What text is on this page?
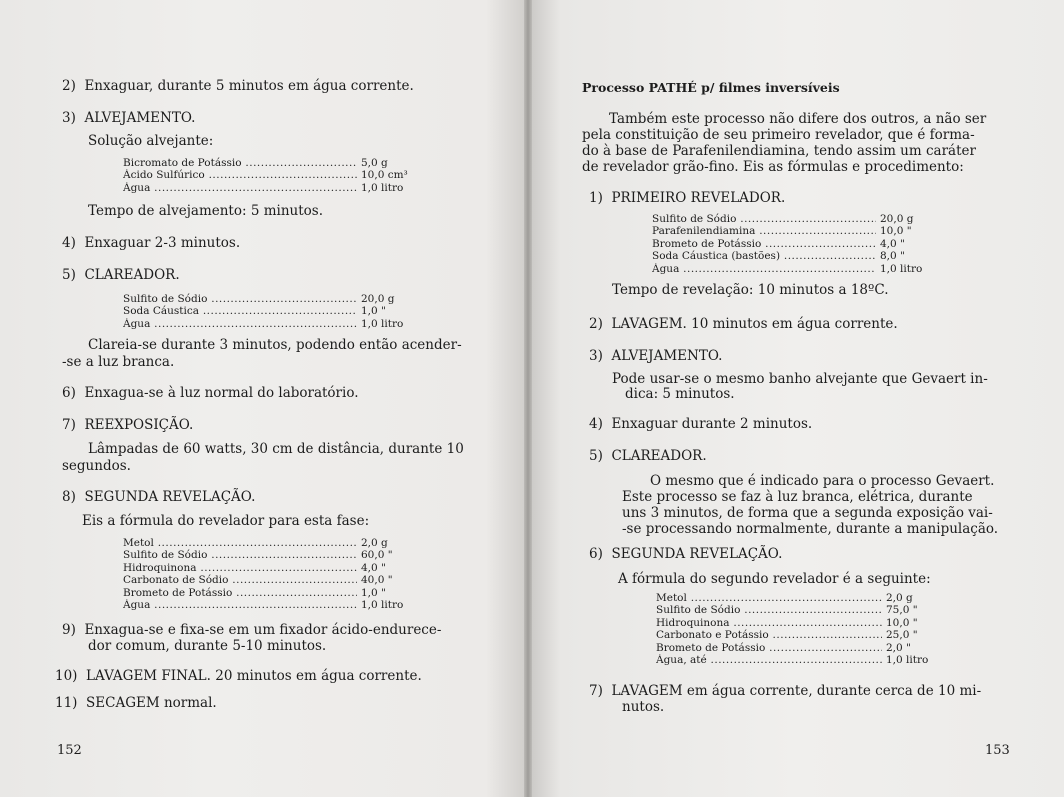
2) Enxaguar, durante 5 minutos em água corrente.
3) ALVEJAMENTO.
Solução alvejante:
Bicromato de Potássio .....	5,0 g
Ácido Sulfúrico .....	10,0 cm³
Água .....	1,0 litro
Tempo de alvejamento: 5 minutos.
4) Enxaguar 2-3 minutos.
5) CLAREADOR.
Sulfito de Sódio .....	20,0 g
Soda Cáustica .....	1,0 "
Água .....	1,0 litro
Clareia-se durante 3 minutos, podendo então acender-
-se a luz branca.
6) Enxagua-se à luz normal do laboratório.
7) REEXPOSIÇÃO.
Lâmpadas de 60 watts, 30 cm de distância, durante 10
segundos.
8) SEGUNDA REVELAÇÃO.
Eis a fórmula do revelador para esta fase:
Metol .....	2,0 g
Sulfito de Sódio .....	60,0 "
Hidroquinona .....	4,0 "
Carbonato de Sódio .....	40,0 "
Brometo de Potássio .....	1,0 "
Água .....	1,0 litro
9) Enxagua-se e fixa-se em um fixador ácido-endurece-
dor comum, durante 5-10 minutos.
10) LAVAGEM FINAL. 20 minutos em água corrente.
11) SECAGEM normal.
152
Processo PATHÉ p/ filmes inversíveis
Também este processo não difere dos outros, a não ser
pela constituição de seu primeiro revelador, que é forma-
do à base de Parafenilendiamina, tendo assim um caráter
de revelador grão-fino. Eis as fórmulas e procedimento:
1) PRIMEIRO REVELADOR.
Sulfito de Sódio .....	20,0 g
Parafenilendiamina .....	10,0 "
Brometo de Potássio .....	4,0 "
Soda Cáustica (bastões) .....	8,0 "
Água .....	1,0 litro
Tempo de revelação: 10 minutos a 18ºC.
2) LAVAGEM. 10 minutos em água corrente.
3) ALVEJAMENTO.
Pode usar-se o mesmo banho alvejante que Gevaert in-
dica: 5 minutos.
4) Enxaguar durante 2 minutos.
5) CLAREADOR.
O mesmo que é indicado para o processo Gevaert.
Este processo se faz à luz branca, elétrica, durante
uns 3 minutos, de forma que a segunda exposição vai-
-se processando normalmente, durante a manipulação.
6) SEGUNDA REVELAÇÃO.
A fórmula do segundo revelador é a seguinte:
Metol .....	2,0 g
Sulfito de Sódio .....	75,0 "
Hidroquinona .....	10,0 "
Carbonato e Potássio .....	25,0 "
Brometo de Potássio .....	2,0 "
Água, até .....	1,0 litro
7) LAVAGEM em água corrente, durante cerca de 10 mi-
nutos.
153
